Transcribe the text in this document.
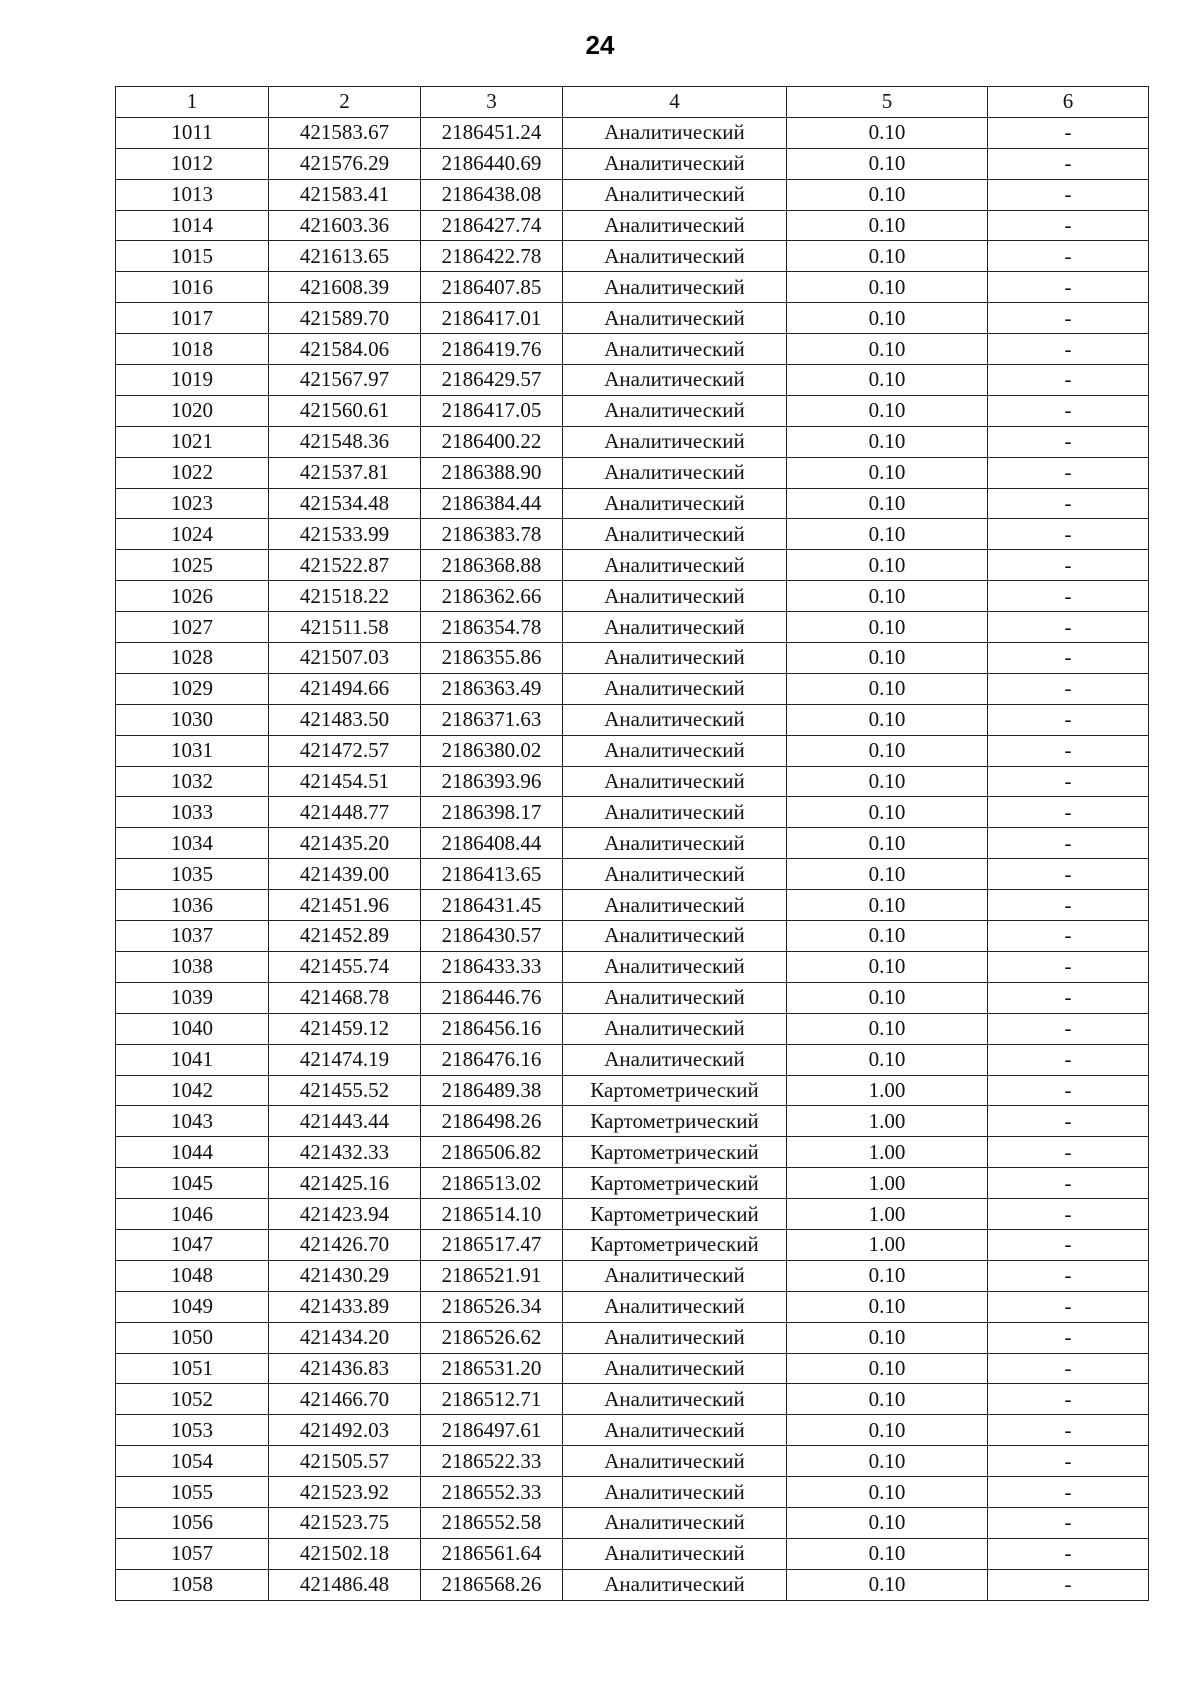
24
1	2	3	4	5	6
1011	421583.67	2186451.24	Аналитический	0.10	-
1012	421576.29	2186440.69	Аналитический	0.10	-
1013	421583.41	2186438.08	Аналитический	0.10	-
1014	421603.36	2186427.74	Аналитический	0.10	-
1015	421613.65	2186422.78	Аналитический	0.10	-
1016	421608.39	2186407.85	Аналитический	0.10	-
1017	421589.70	2186417.01	Аналитический	0.10	-
1018	421584.06	2186419.76	Аналитический	0.10	-
1019	421567.97	2186429.57	Аналитический	0.10	-
1020	421560.61	2186417.05	Аналитический	0.10	-
1021	421548.36	2186400.22	Аналитический	0.10	-
1022	421537.81	2186388.90	Аналитический	0.10	-
1023	421534.48	2186384.44	Аналитический	0.10	-
1024	421533.99	2186383.78	Аналитический	0.10	-
1025	421522.87	2186368.88	Аналитический	0.10	-
1026	421518.22	2186362.66	Аналитический	0.10	-
1027	421511.58	2186354.78	Аналитический	0.10	-
1028	421507.03	2186355.86	Аналитический	0.10	-
1029	421494.66	2186363.49	Аналитический	0.10	-
1030	421483.50	2186371.63	Аналитический	0.10	-
1031	421472.57	2186380.02	Аналитический	0.10	-
1032	421454.51	2186393.96	Аналитический	0.10	-
1033	421448.77	2186398.17	Аналитический	0.10	-
1034	421435.20	2186408.44	Аналитический	0.10	-
1035	421439.00	2186413.65	Аналитический	0.10	-
1036	421451.96	2186431.45	Аналитический	0.10	-
1037	421452.89	2186430.57	Аналитический	0.10	-
1038	421455.74	2186433.33	Аналитический	0.10	-
1039	421468.78	2186446.76	Аналитический	0.10	-
1040	421459.12	2186456.16	Аналитический	0.10	-
1041	421474.19	2186476.16	Аналитический	0.10	-
1042	421455.52	2186489.38	Картометрический	1.00	-
1043	421443.44	2186498.26	Картометрический	1.00	-
1044	421432.33	2186506.82	Картометрический	1.00	-
1045	421425.16	2186513.02	Картометрический	1.00	-
1046	421423.94	2186514.10	Картометрический	1.00	-
1047	421426.70	2186517.47	Картометрический	1.00	-
1048	421430.29	2186521.91	Аналитический	0.10	-
1049	421433.89	2186526.34	Аналитический	0.10	-
1050	421434.20	2186526.62	Аналитический	0.10	-
1051	421436.83	2186531.20	Аналитический	0.10	-
1052	421466.70	2186512.71	Аналитический	0.10	-
1053	421492.03	2186497.61	Аналитический	0.10	-
1054	421505.57	2186522.33	Аналитический	0.10	-
1055	421523.92	2186552.33	Аналитический	0.10	-
1056	421523.75	2186552.58	Аналитический	0.10	-
1057	421502.18	2186561.64	Аналитический	0.10	-
1058	421486.48	2186568.26	Аналитический	0.10	-
